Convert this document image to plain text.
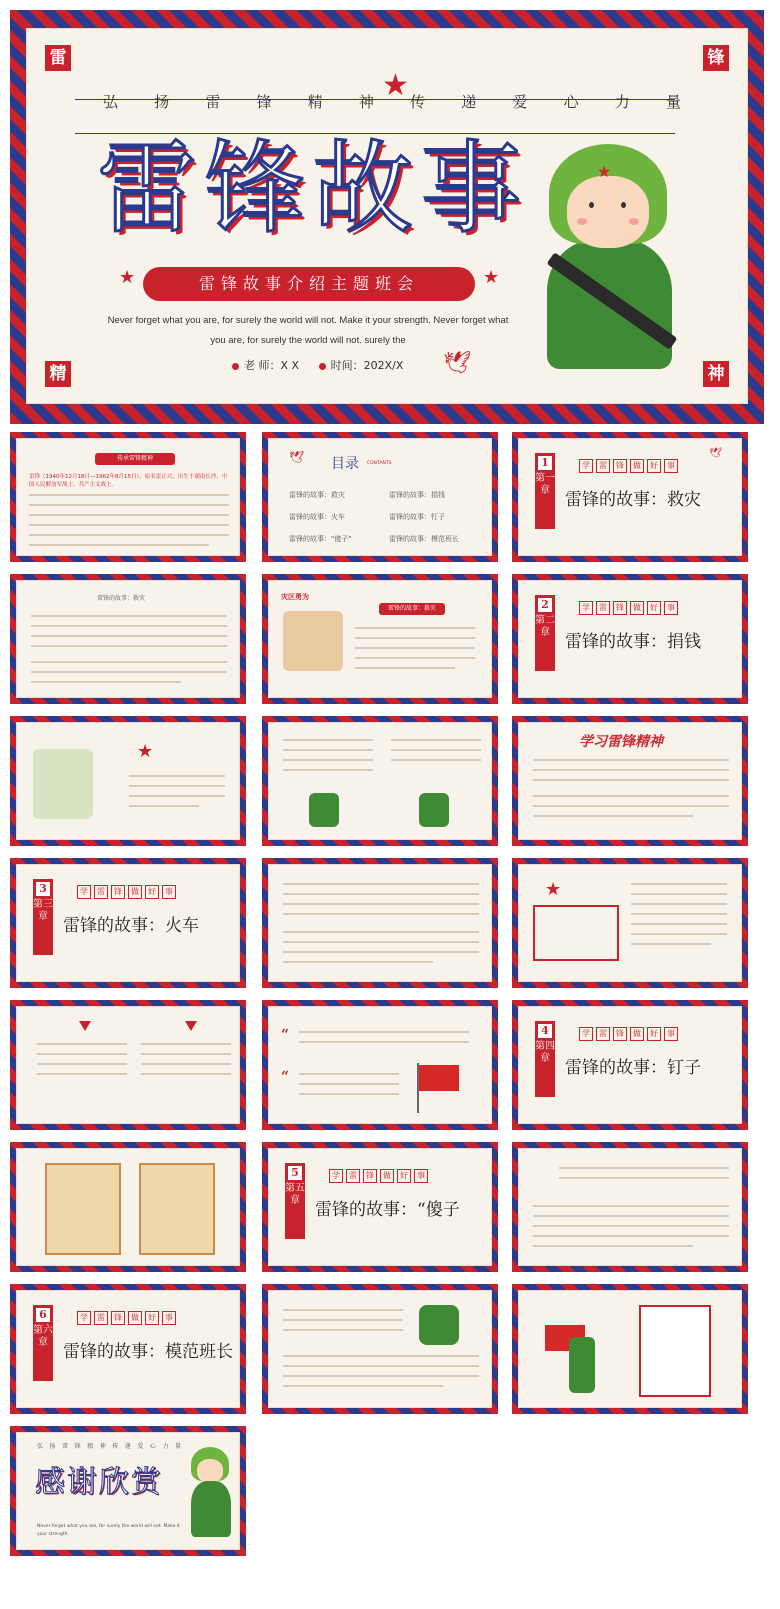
雷	锋
精	神
★
弘扬雷锋精神传递爱心力量
雷锋故事
★	雷锋故事介绍主题班会	★
Never forget what you are, for surely the world will not. Make it your strength. Never forget what you are, for surely the world will not. surely the
老 师：X X	时间：202X/X	🕊
★
传承雷锋精神
雷锋（1940年12月18日—1962年8月15日），原名雷正兴，出生于湖南长沙，中国人民解放军战士，共产主义战士。
🕊 目录 CONTANTS
雷锋的故事：救灾	雷锋的故事：捐钱
雷锋的故事：火车	雷锋的故事：钉子
雷锋的故事："傻子"	雷锋的故事：模范班长
1
第一章
学	雷	锋	做	好	事
雷锋的故事：救灾
🕊
雷锋的故事：救灾	灾区勇为
雷锋的故事：救灾	2
第二章
学	雷	锋	做	好	事
雷锋的故事：捐钱
★	学习雷锋精神
3
第三章
学	雷	锋	做	好	事
雷锋的故事：火车
★
“
“
4
第四章
学	雷	锋	做	好	事
雷锋的故事：钉子
5
第五章
学	雷	锋	做	好	事
雷锋的故事：“傻子
6
第六章
学	雷	锋	做	好	事
雷锋的故事：模范班长
弘扬雷锋精神传递爱心力量
感谢欣赏
Never forget what you are, for surely the world will not. Make it your strength.
